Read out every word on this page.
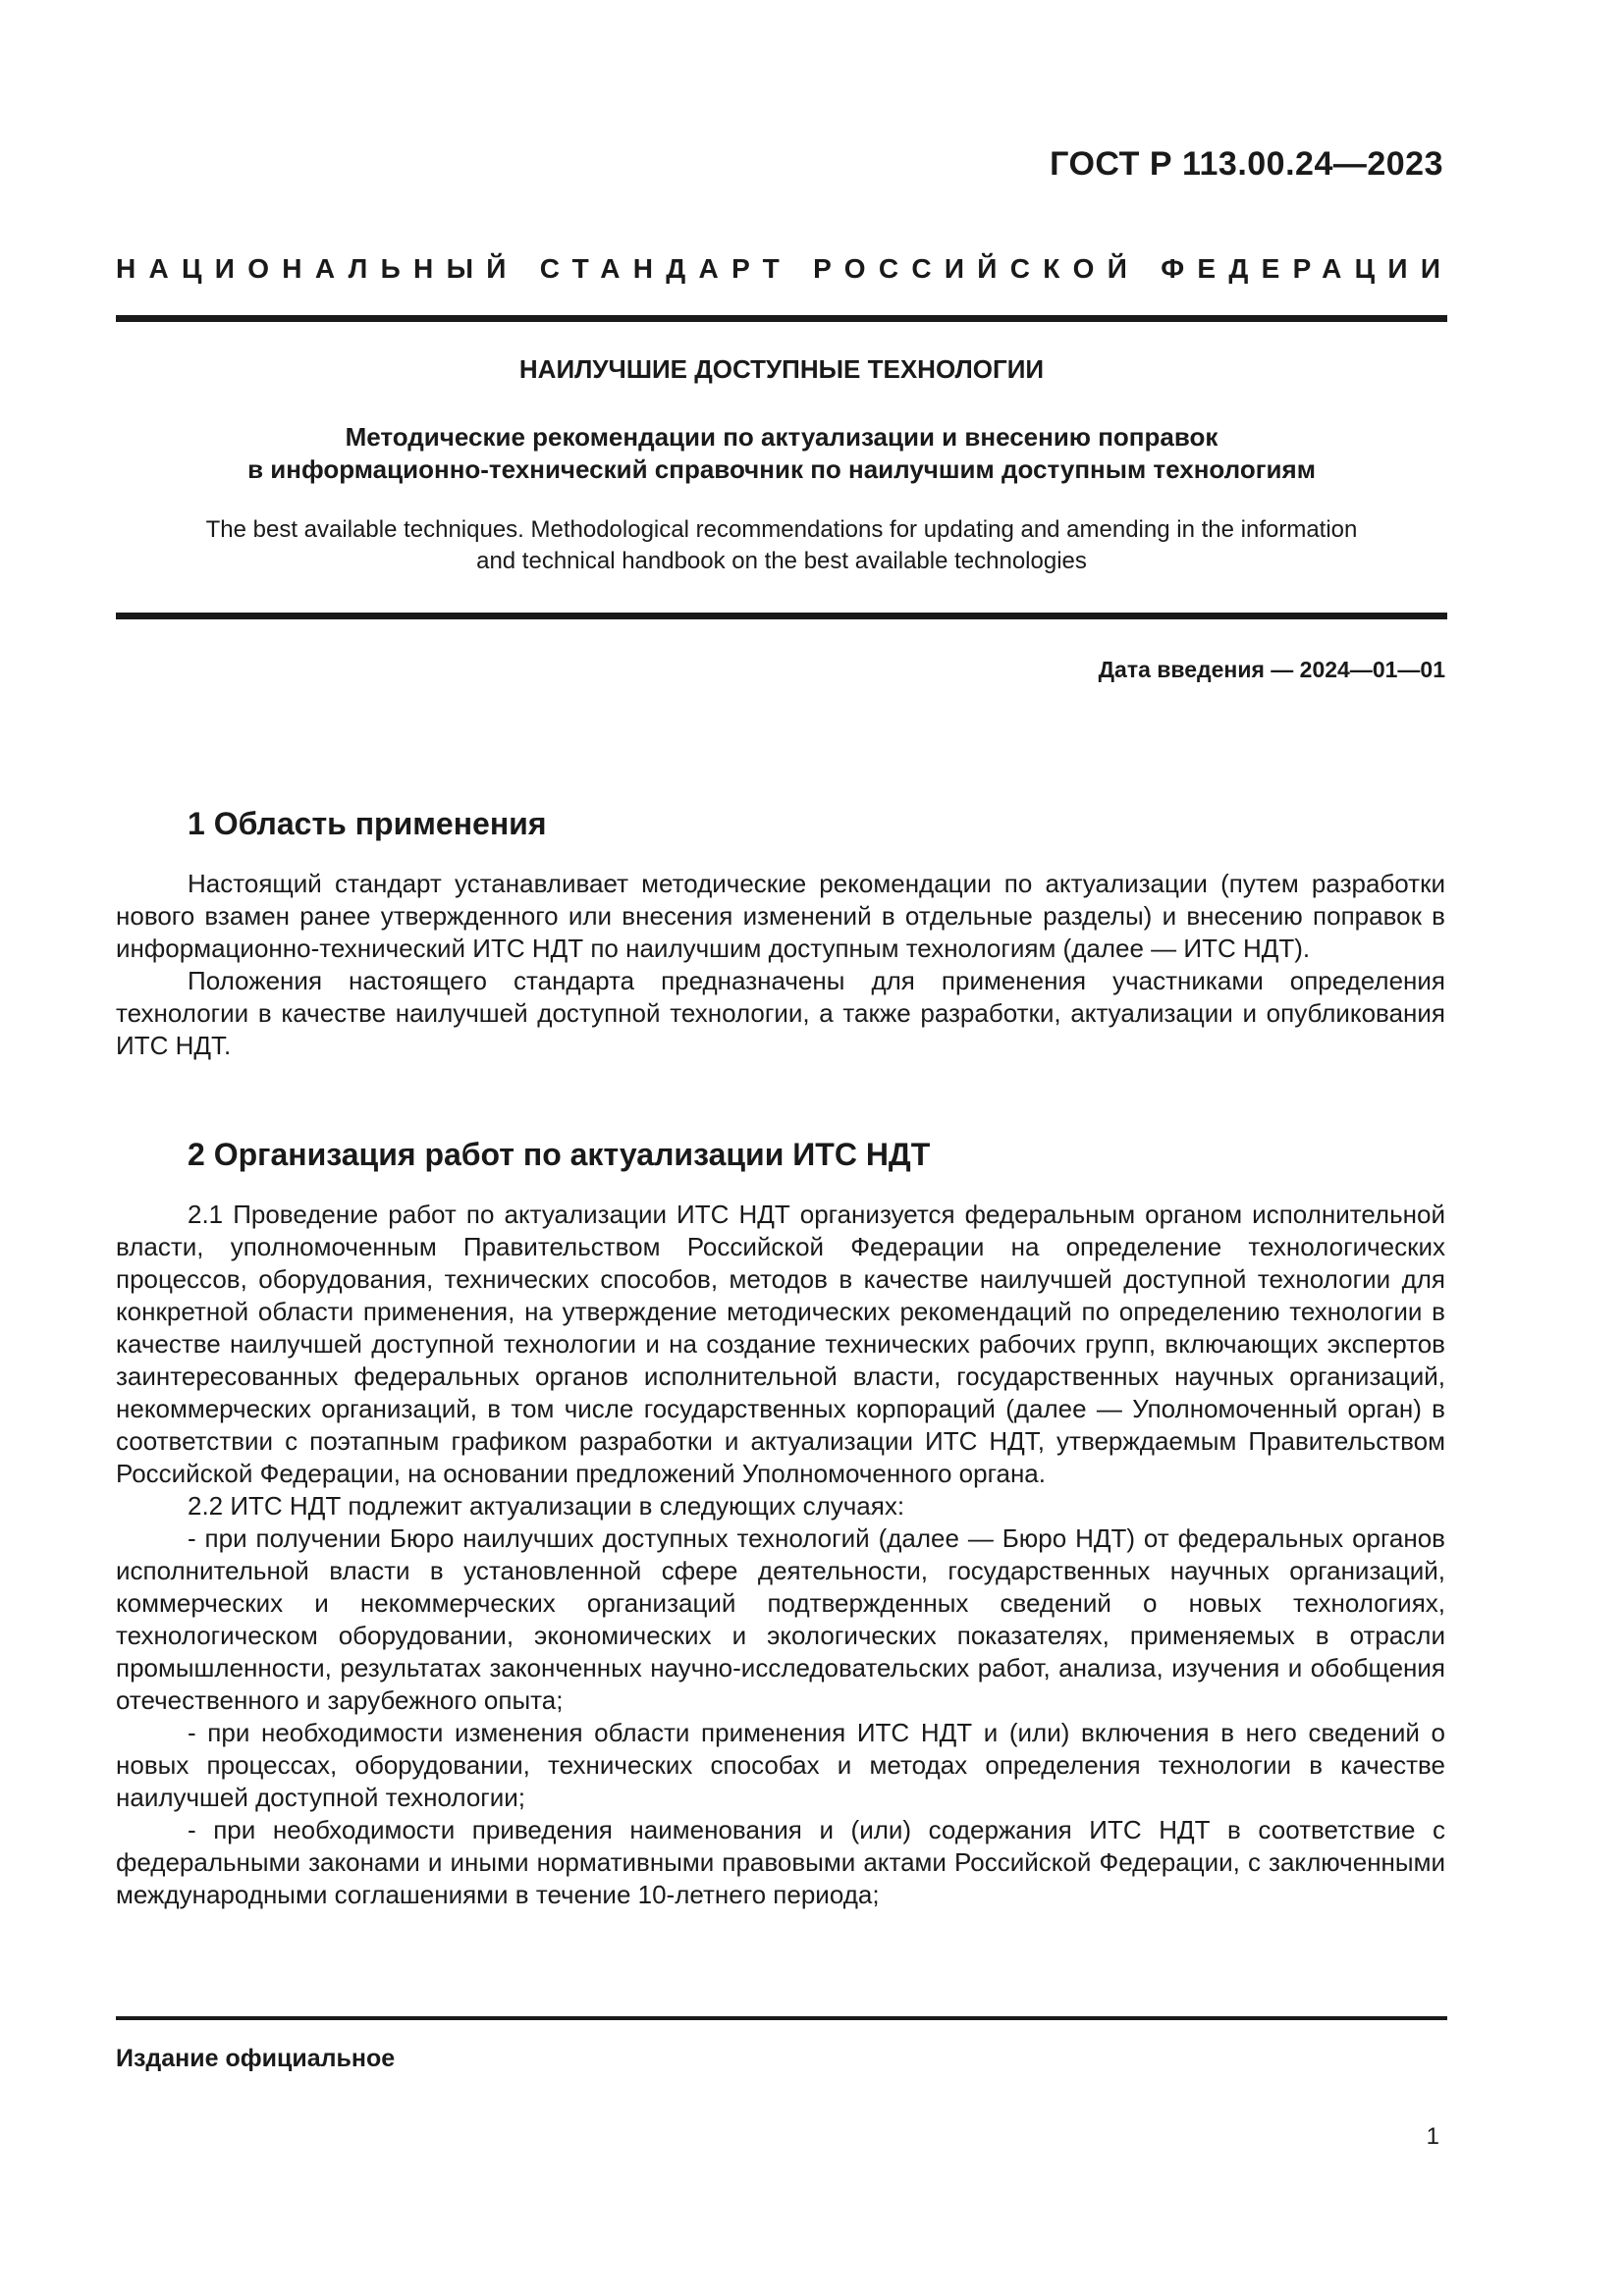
ГОСТ Р 113.00.24—2023
НАЦИОНАЛЬНЫЙ СТАНДАРТ РОССИЙСКОЙ ФЕДЕРАЦИИ
НАИЛУЧШИЕ ДОСТУПНЫЕ ТЕХНОЛОГИИ
Методические рекомендации по актуализации и внесению поправок
в информационно-технический справочник по наилучшим доступным технологиям
The best available techniques. Methodological recommendations for updating and amending in the information
and technical handbook on the best available technologies
Дата введения — 2024—01—01
1 Область применения

Настоящий стандарт устанавливает методические рекомендации по актуализации (путем разработки нового взамен ранее утвержденного или внесения изменений в отдельные разделы) и внесению поправок в информационно-технический ИТС НДТ по наилучшим доступным технологиям (далее — ИТС НДТ).

Положения настоящего стандарта предназначены для применения участниками определения технологии в качестве наилучшей доступной технологии, а также разработки, актуализации и опубликования ИТС НДТ.

2 Организация работ по актуализации ИТС НДТ

2.1 Проведение работ по актуализации ИТС НДТ организуется федеральным органом исполнительной власти, уполномоченным Правительством Российской Федерации на определение технологических процессов, оборудования, технических способов, методов в качестве наилучшей доступной технологии для конкретной области применения, на утверждение методических рекомендаций по определению технологии в качестве наилучшей доступной технологии и на создание технических рабочих групп, включающих экспертов заинтересованных федеральных органов исполнительной власти, государственных научных организаций, некоммерческих организаций, в том числе государственных корпораций (далее — Уполномоченный орган) в соответствии с поэтапным графиком разработки и актуализации ИТС НДТ, утверждаемым Правительством Российской Федерации, на основании предложений Уполномоченного органа.

2.2 ИТС НДТ подлежит актуализации в следующих случаях:

- при получении Бюро наилучших доступных технологий (далее — Бюро НДТ) от федеральных органов исполнительной власти в установленной сфере деятельности, государственных научных организаций, коммерческих и некоммерческих организаций подтвержденных сведений о новых технологиях, технологическом оборудовании, экономических и экологических показателях, применяемых в отрасли промышленности, результатах законченных научно-исследовательских работ, анализа, изучения и обобщения отечественного и зарубежного опыта;

- при необходимости изменения области применения ИТС НДТ и (или) включения в него сведений о новых процессах, оборудовании, технических способах и методах определения технологии в качестве наилучшей доступной технологии;

- при необходимости приведения наименования и (или) содержания ИТС НДТ в соответствие с федеральными законами и иными нормативными правовыми актами Российской Федерации, с заключенными международными соглашениями в течение 10-летнего периода;

Издание официальное
1
